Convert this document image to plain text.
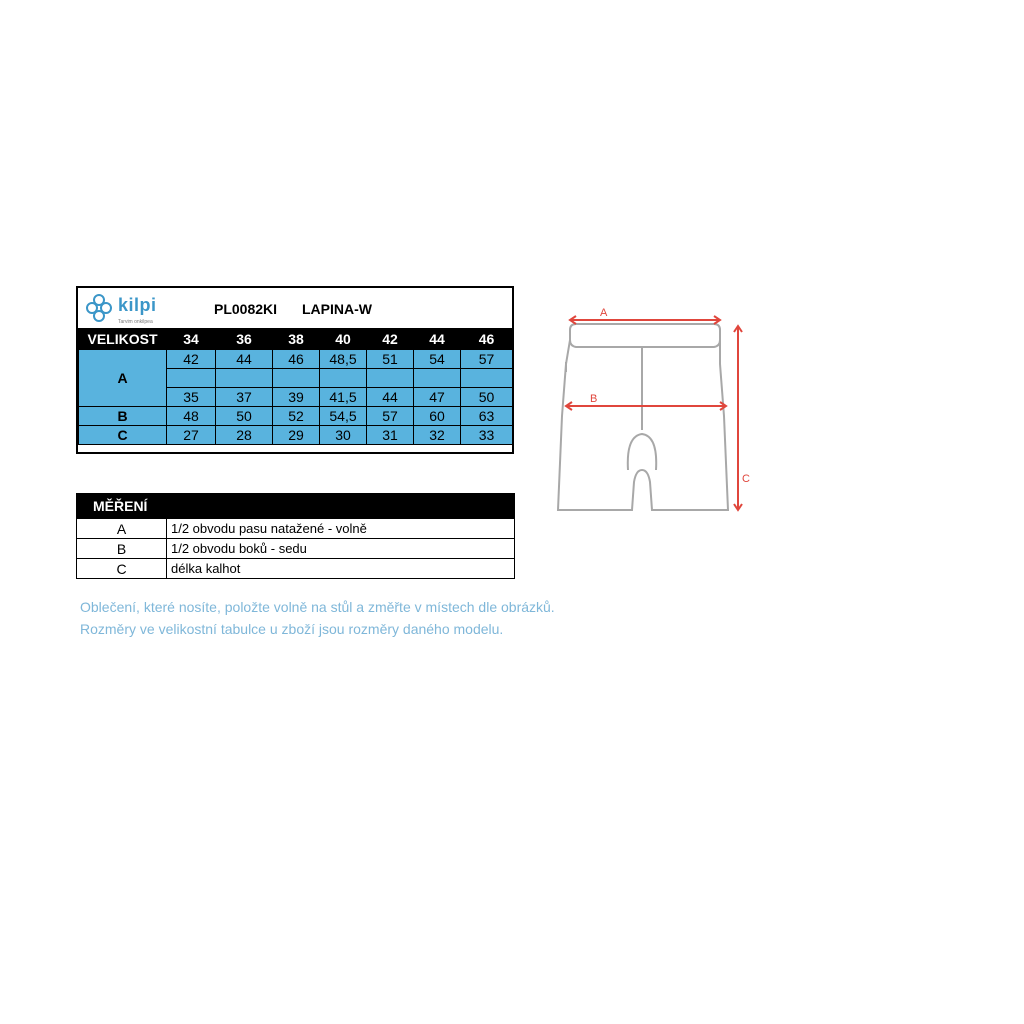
kilpi
Tarvim onkilpea
PL0082KI LAPINA-W
VELIKOST	34	36	38	40	42	44	46
A	42	44	46	48,5	51	54	57

	35	37	39	41,5	44	47	50
B	48	50	52	54,5	57	60	63
C	27	28	29	30	31	32	33
MĚŘENÍ	
A	1/2 obvodu pasu natažené - volně
B	1/2 obvodu boků - sedu
C	délka kalhot
Oblečení, které nosíte, položte volně na stůl a změřte v místech dle obrázků.
Rozměry ve velikostní tabulce u zboží jsou rozměry daného modelu.
A
B
C
